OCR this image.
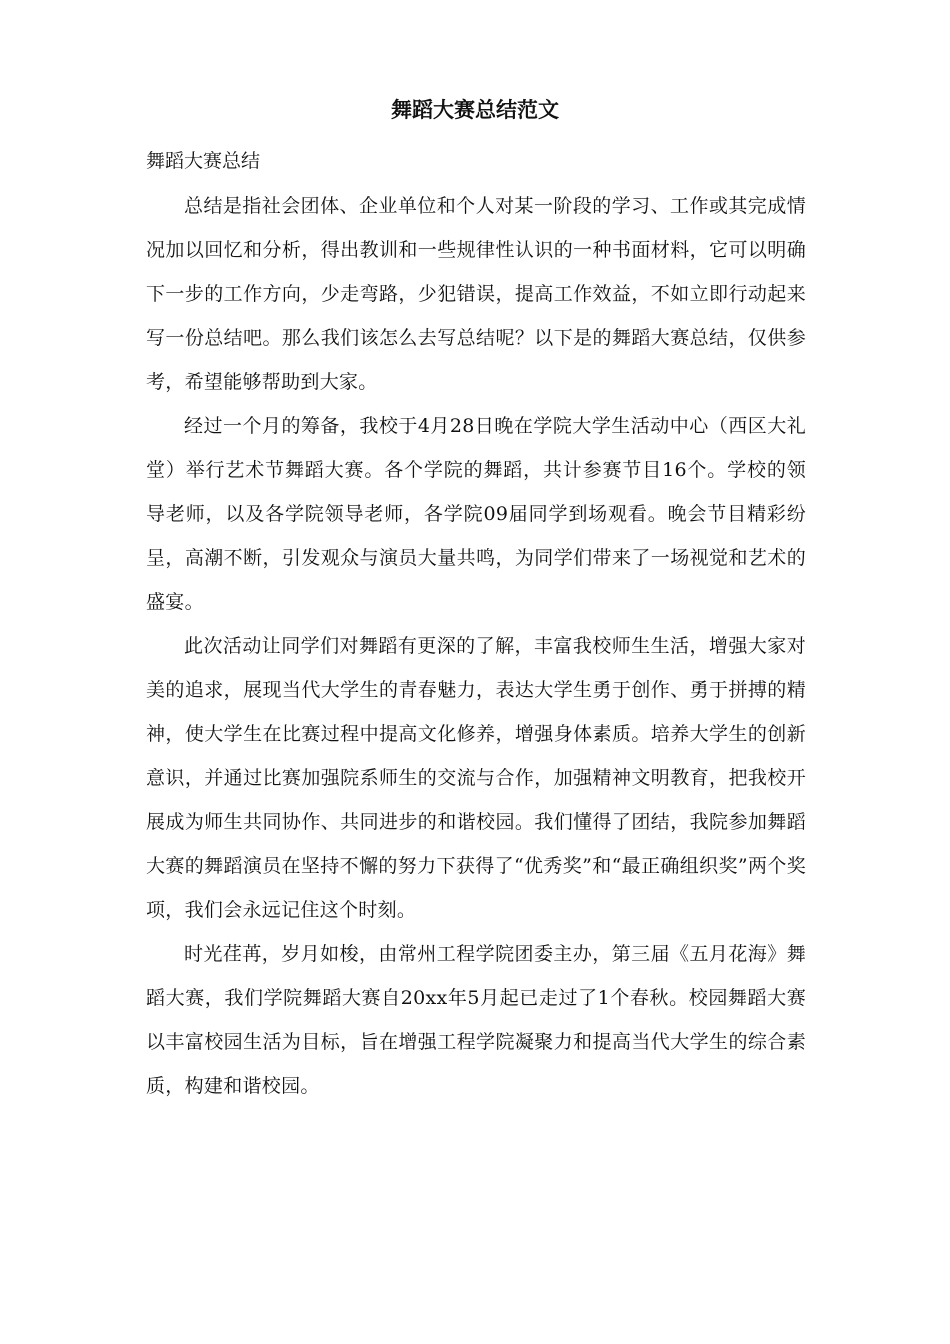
舞蹈大赛总结范文

舞蹈大赛总结

总结是指社会团体、企业单位和个人对某一阶段的学习、工作或其完成情况加以回忆和分析，得出教训和一些规律性认识的一种书面材料，它可以明确下一步的工作方向，少走弯路，少犯错误，提高工作效益，不如立即行动起来写一份总结吧。那么我们该怎么去写总结呢？以下是的舞蹈大赛总结，仅供参考，希望能够帮助到大家。

经过一个月的筹备，我校于4月28日晚在学院大学生活动中心（西区大礼堂）举行艺术节舞蹈大赛。各个学院的舞蹈，共计参赛节目16个。学校的领导老师，以及各学院领导老师，各学院09届同学到场观看。晚会节目精彩纷呈，高潮不断，引发观众与演员大量共鸣，为同学们带来了一场视觉和艺术的盛宴。

此次活动让同学们对舞蹈有更深的了解，丰富我校师生生活，增强大家对美的追求，展现当代大学生的青春魅力，表达大学生勇于创作、勇于拼搏的精神，使大学生在比赛过程中提高文化修养，增强身体素质。培养大学生的创新意识，并通过比赛加强院系师生的交流与合作，加强精神文明教育，把我校开展成为师生共同协作、共同进步的和谐校园。我们懂得了团结，我院参加舞蹈大赛的舞蹈演员在坚持不懈的努力下获得了“优秀奖”和“最正确组织奖”两个奖项，我们会永远记住这个时刻。

时光荏苒，岁月如梭，由常州工程学院团委主办，第三届《五月花海》舞蹈大赛，我们学院舞蹈大赛自20xx年5月起已走过了1个春秋。校园舞蹈大赛以丰富校园生活为目标，旨在增强工程学院凝聚力和提高当代大学生的综合素质，构建和谐校园。
